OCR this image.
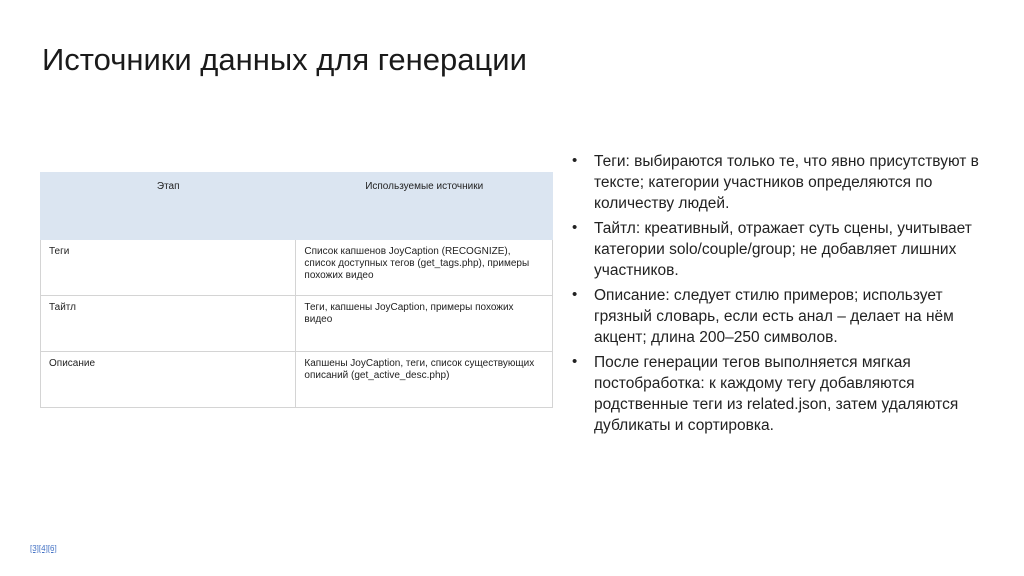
Источники данных для генерации
Этап	Используемые источники
Теги	Список капшенов JoyCaption (RECOGNIZE), список доступных тегов (get_tags.php), примеры похожих видео
Тайтл	Теги, капшены JoyCaption, примеры похожих видео
Описание	Капшены JoyCaption, теги, список существующих описаний (get_active_desc.php)
• Теги: выбираются только те, что явно присутствуют в тексте; категории участников определяются по количеству людей.
• Тайтл: креативный, отражает суть сцены, учитывает категории solo/couple/group; не добавляет лишних участников.
• Описание: следует стилю примеров; использует грязный словарь, если есть анал – делает на нём акцент; длина 200–250 символов.
• После генерации тегов выполняется мягкая постобработка: к каждому тегу добавляются родственные теги из related.json, затем удаляются дубликаты и сортировка.
[3][4][6]
